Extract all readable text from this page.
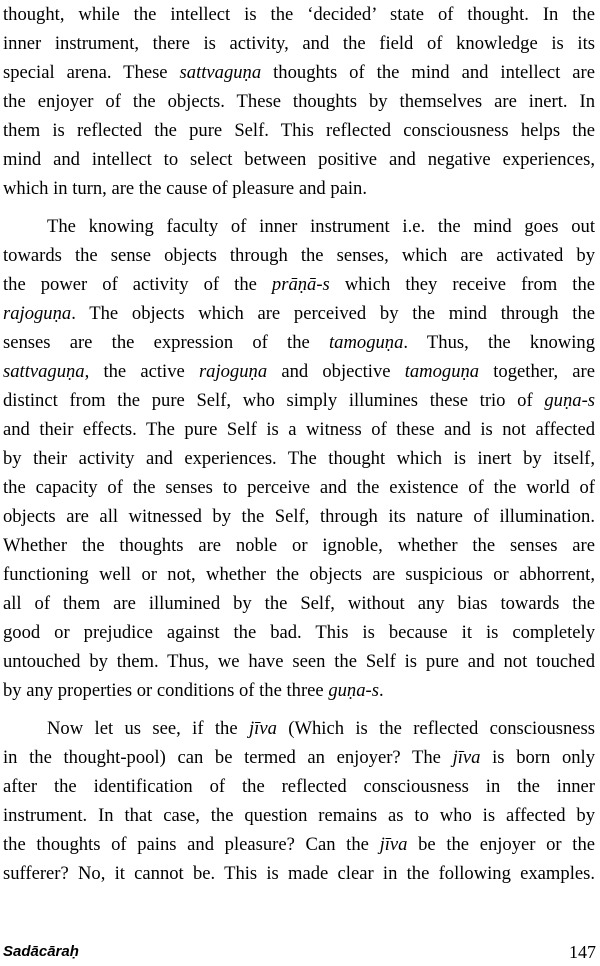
thought, while the intellect is the ‘decided’ state of thought. In the
inner instrument, there is activity, and the field of knowledge is its
special arena. These sattvaguṇa thoughts of the mind and intellect are
the enjoyer of the objects. These thoughts by themselves are inert. In
them is reflected the pure Self. This reflected consciousness helps the
mind and intellect to select between positive and negative experiences,
which in turn, are the cause of pleasure and pain.
The knowing faculty of inner instrument i.e. the mind goes out
towards the sense objects through the senses, which are activated by
the power of activity of the prāṇā-s which they receive from the
rajoguṇa. The objects which are perceived by the mind through the
senses are the expression of the tamoguṇa. Thus, the knowing
sattvaguṇa, the active rajoguṇa and objective tamoguṇa together, are
distinct from the pure Self, who simply illumines these trio of guṇa-s
and their effects. The pure Self is a witness of these and is not affected
by their activity and experiences. The thought which is inert by itself,
the capacity of the senses to perceive and the existence of the world of
objects are all witnessed by the Self, through its nature of illumination.
Whether the thoughts are noble or ignoble, whether the senses are
functioning well or not, whether the objects are suspicious or abhorrent,
all of them are illumined by the Self, without any bias towards the
good or prejudice against the bad. This is because it is completely
untouched by them. Thus, we have seen the Self is pure and not touched
by any properties or conditions of the three guṇa-s.
Now let us see, if the jīva (Which is the reflected consciousness
in the thought-pool) can be termed an enjoyer? The jīva is born only
after the identification of the reflected consciousness in the inner
instrument. In that case, the question remains as to who is affected by
the thoughts of pains and pleasure? Can the jīva be the enjoyer or the
sufferer? No, it cannot be. This is made clear in the following examples.
Sadācāraḥ	147
